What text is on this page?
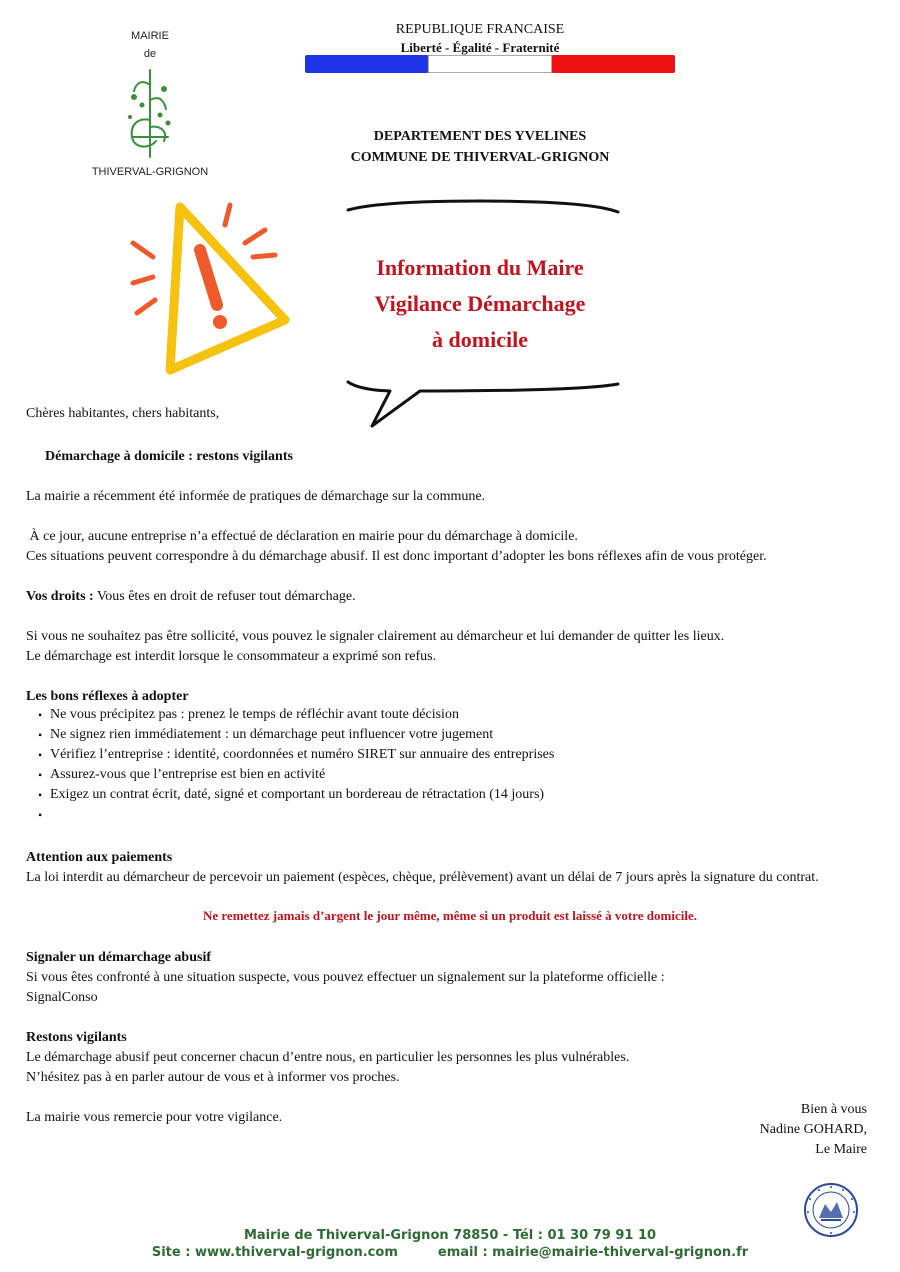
MAIRIE
de
THIVERVAL-GRIGNON
REPUBLIQUE FRANCAISE
Liberté - Égalité - Fraternité
DEPARTEMENT DES YVELINES
COMMUNE DE THIVERVAL-GRIGNON
Information du Maire
Vigilance Démarchage
à domicile
Chères habitantes, chers habitants,
Démarchage à domicile : restons vigilants
La mairie a récemment été informée de pratiques de démarchage sur la commune.
À ce jour, aucune entreprise n’a effectué de déclaration en mairie pour du démarchage à domicile.
Ces situations peuvent correspondre à du démarchage abusif. Il est donc important d’adopter les bons réflexes afin de vous protéger.
Vos droits : Vous êtes en droit de refuser tout démarchage.
Si vous ne souhaitez pas être sollicité, vous pouvez le signaler clairement au démarcheur et lui demander de quitter les lieux.
Le démarchage est interdit lorsque le consommateur a exprimé son refus.
Les bons réflexes à adopter
• Ne vous précipitez pas : prenez le temps de réfléchir avant toute décision
• Ne signez rien immédiatement : un démarchage peut influencer votre jugement
• Vérifiez l’entreprise : identité, coordonnées et numéro SIRET sur annuaire des entreprises
• Assurez-vous que l’entreprise est bien en activité
• Exigez un contrat écrit, daté, signé et comportant un bordereau de rétractation (14 jours)
•
Attention aux paiements
La loi interdit au démarcheur de percevoir un paiement (espèces, chèque, prélèvement) avant un délai de 7 jours après la signature du contrat.
Ne remettez jamais d’argent le jour même, même si un produit est laissé à votre domicile.
Signaler un démarchage abusif
Si vous êtes confronté à une situation suspecte, vous pouvez effectuer un signalement sur la plateforme officielle :
SignalConso
Restons vigilants
Le démarchage abusif peut concerner chacun d’entre nous, en particulier les personnes les plus vulnérables.
N’hésitez pas à en parler autour de vous et à informer vos proches.
La mairie vous remercie pour votre vigilance.
Bien à vous
Nadine GOHARD,
Le Maire
Mairie de Thiverval-Grignon 78850 - Tél : 01 30 79 91 10
Site : www.thiverval-grignon.com	email : mairie@mairie-thiverval-grignon.fr
